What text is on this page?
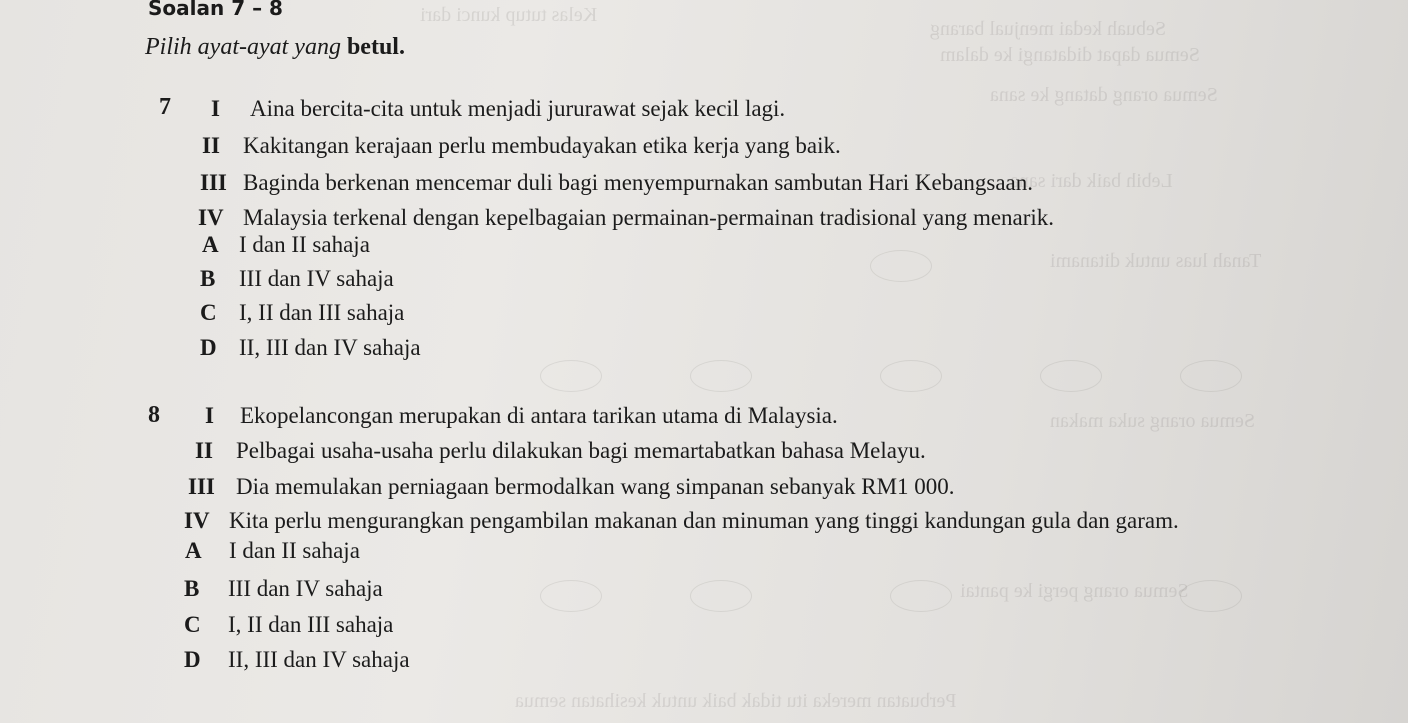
Kelas tutup kunci dari
Sebuah kedai menjual barang
Semua dapat didatangi ke dalam
Semua orang datang ke sana
Lebih baik dari sana
Tanah luas untuk ditanami
Semua orang suka makan
Semua orang pergi ke pantai
Perbuatan mereka itu tidak baik untuk kesihatan semua
Soalan 7 – 8
Pilih ayat-ayat yang betul.
7 I Aina bercita-cita untuk menjadi jururawat sejak kecil lagi.
II Kakitangan kerajaan perlu membudayakan etika kerja yang baik.
III Baginda berkenan mencemar duli bagi menyempurnakan sambutan Hari Kebangsaan.
IV Malaysia terkenal dengan kepelbagaian permainan-permainan tradisional yang menarik.
A I dan II sahaja
B III dan IV sahaja
C I, II dan III sahaja
D II, III dan IV sahaja
8 I Ekopelancongan merupakan di antara tarikan utama di Malaysia.
II Pelbagai usaha-usaha perlu dilakukan bagi memartabatkan bahasa Melayu.
III Dia memulakan perniagaan bermodalkan wang simpanan sebanyak RM1 000.
IV Kita perlu mengurangkan pengambilan makanan dan minuman yang tinggi kandungan gula dan garam.
A I dan II sahaja
B III dan IV sahaja
C I, II dan III sahaja
D II, III dan IV sahaja
